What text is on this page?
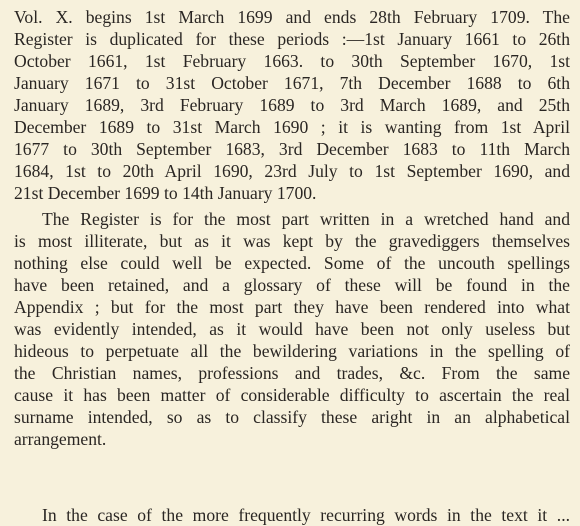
Vol. X. begins 1st March 1699 and ends 28th February 1709. The
Register is duplicated for these periods :—1st January 1661 to 26th
October 1661, 1st February 1663. to 30th September 1670, 1st
January 1671 to 31st October 1671, 7th December 1688 to 6th
January 1689, 3rd February 1689 to 3rd March 1689, and 25th
December 1689 to 31st March 1690 ; it is wanting from 1st April
1677 to 30th September 1683, 3rd December 1683 to 11th March
1684, 1st to 20th April 1690, 23rd July to 1st September 1690, and
21st December 1699 to 14th January 1700.
The Register is for the most part written in a wretched hand and
is most illiterate, but as it was kept by the gravediggers themselves
nothing else could well be expected. Some of the uncouth spellings
have been retained, and a glossary of these will be found in the
Appendix ; but for the most part they have been rendered into what
was evidently intended, as it would have been not only useless but
hideous to perpetuate all the bewildering variations in the spelling of
the Christian names, professions and trades, &c. From the same
cause it has been matter of considerable difficulty to ascertain the real
surname intended, so as to classify these aright in an alphabetical
arrangement.
In the case of the more frequently recurring words in the text it ...
